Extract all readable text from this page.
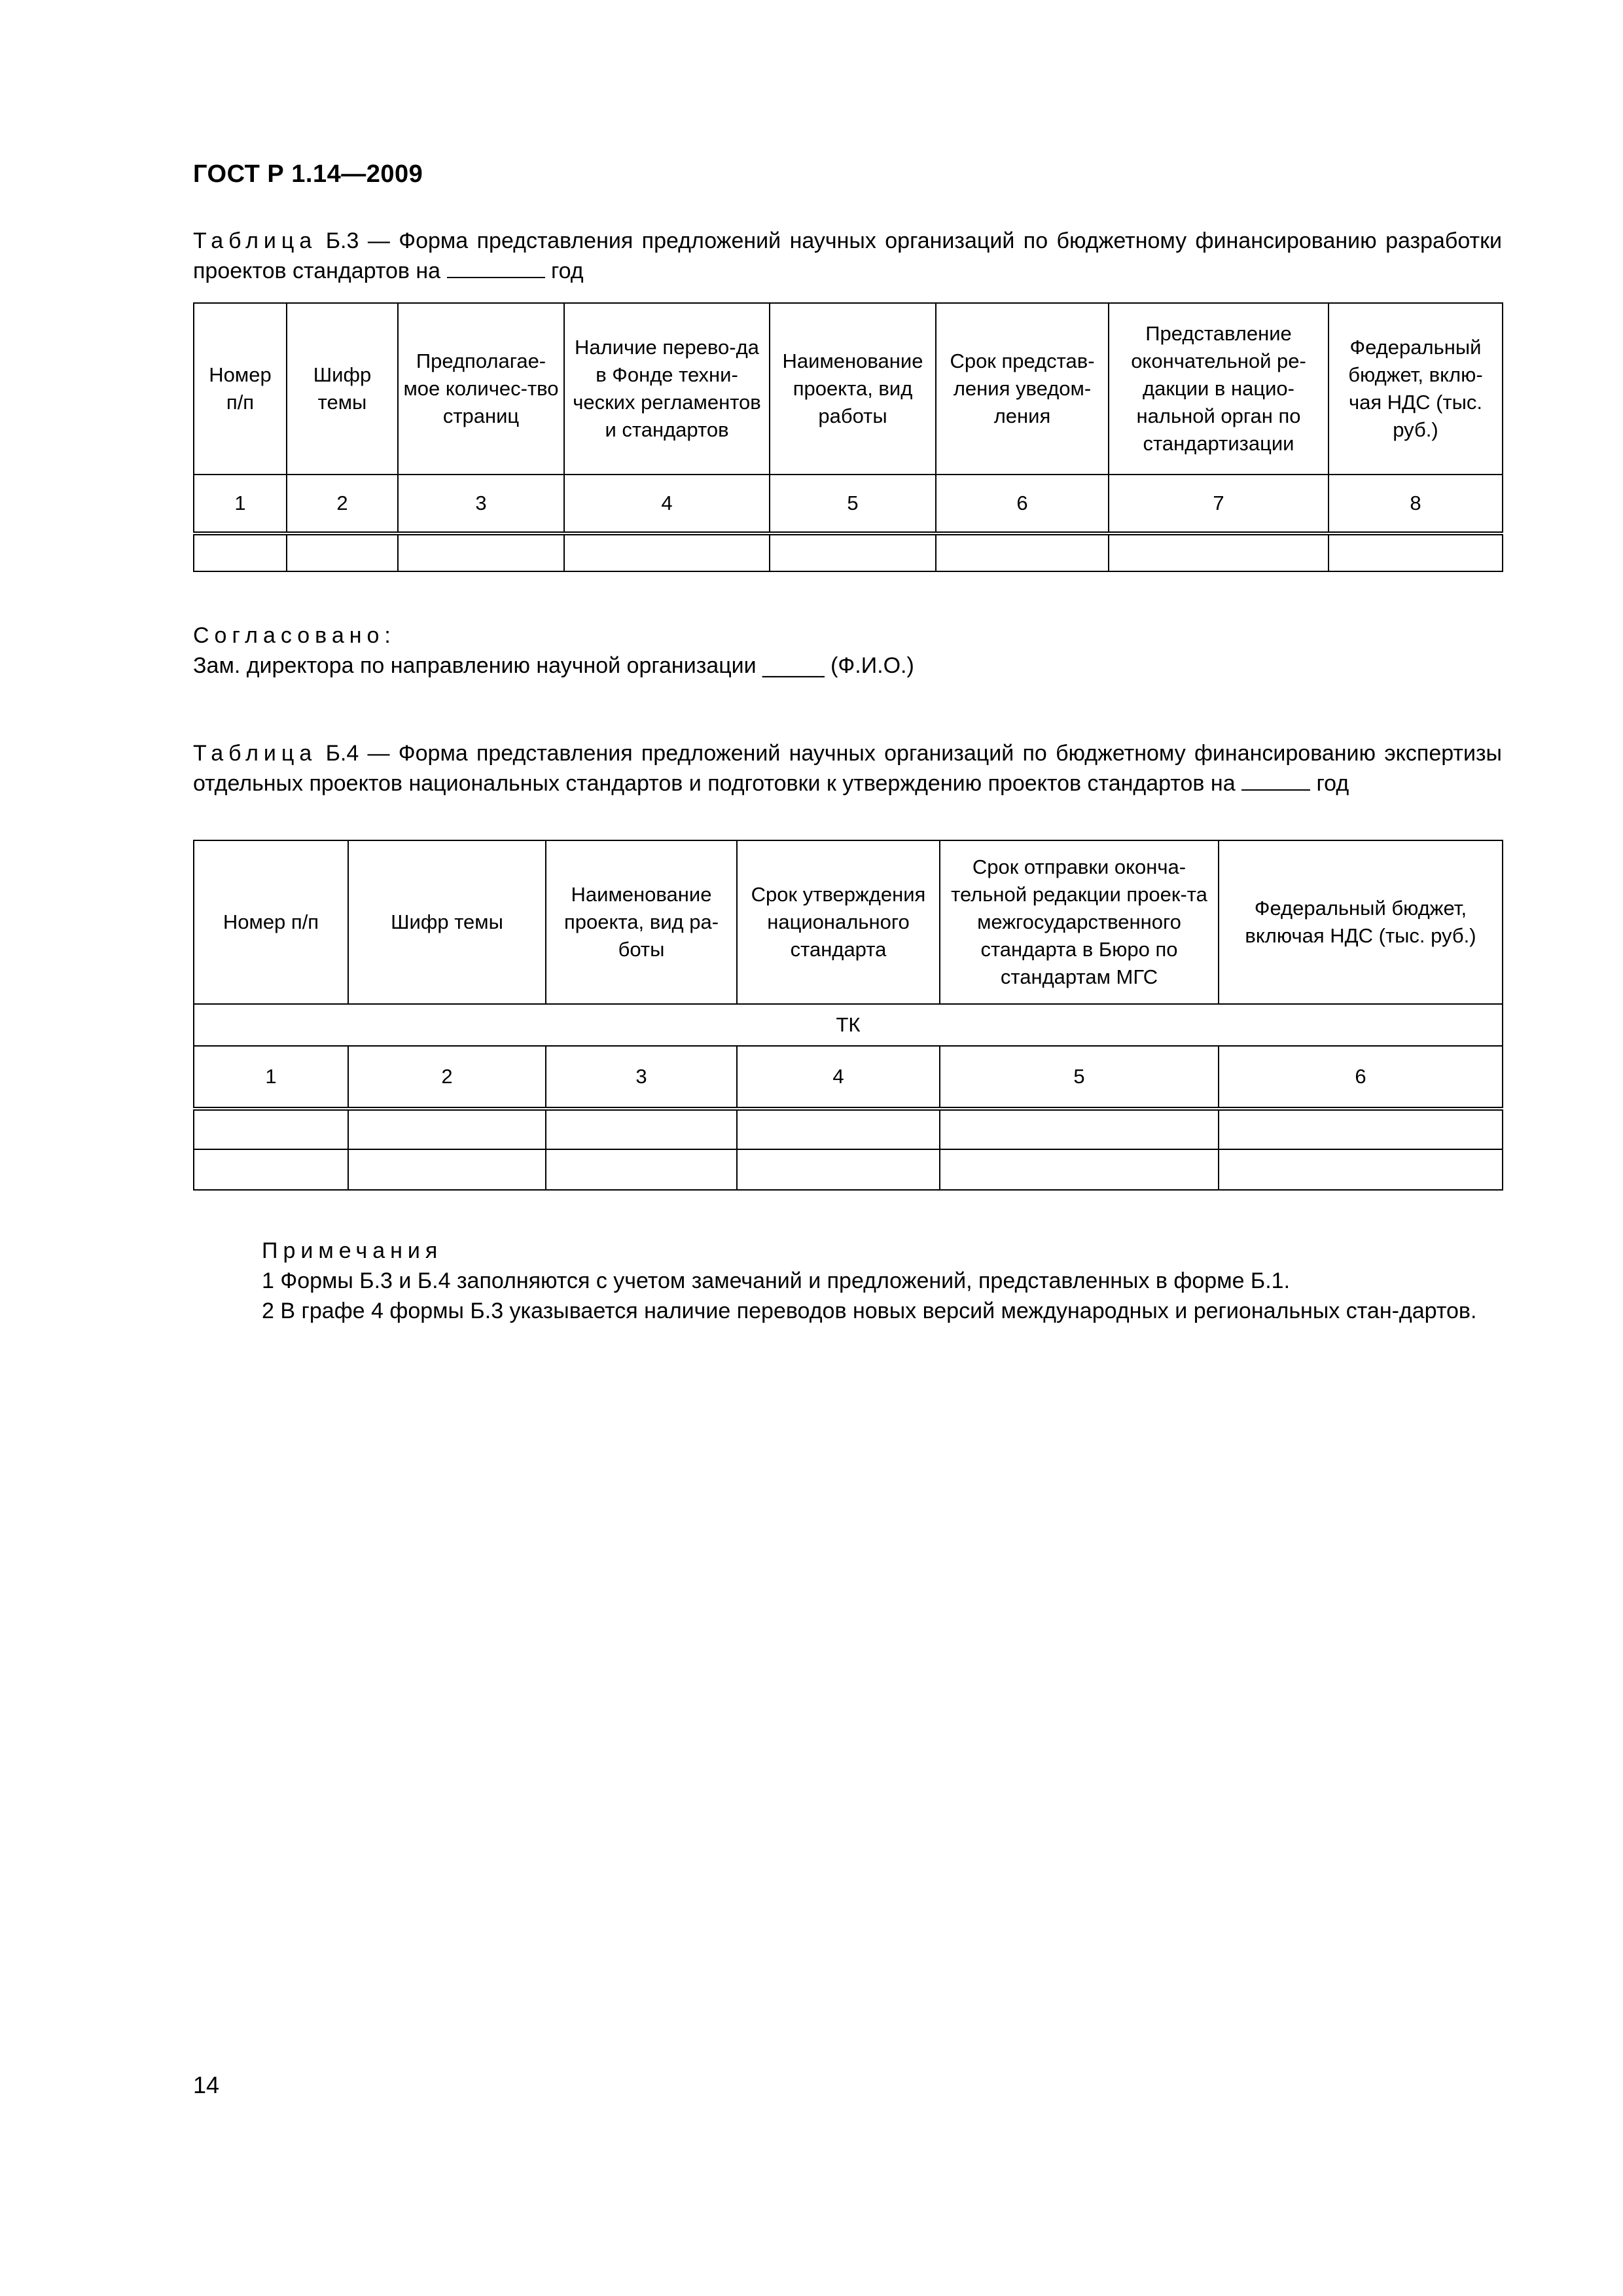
ГОСТ Р 1.14—2009
Таблица Б.3 — Форма представления предложений научных организаций по бюджетному финансированию разработки проектов стандартов на	год
Номер п/п	Шифр темы	Предполагае-мое количес-тво страниц	Наличие перево-да в Фонде техни-ческих регламентов и стандартов	Наименование проекта, вид работы	Срок представ-ления уведом-ления	Представление окончательной ре-дакции в нацио-нальной орган по стандартизации	Федеральный бюджет, вклю-чая НДС (тыс. руб.)
1	2	3	4	5	6	7	8

Согласовано:
Зам. директора по направлению научной организации _____ (Ф.И.О.)
Таблица Б.4 — Форма представления предложений научных организаций по бюджетному финансированию экспертизы отдельных проектов национальных стандартов и подготовки к утверждению проектов стандартов на	год
Номер п/п	Шифр темы	Наименование проекта, вид ра-боты	Срок утверждения национального стандарта	Срок отправки оконча-тельной редакции проек-та межгосударственного стандарта в Бюро по стандартам МГС	Федеральный бюджет, включая НДС (тыс. руб.)
ТК					
1	2	3	4	5	6

Примечания
1 Формы Б.3 и Б.4 заполняются с учетом замечаний и предложений, представленных в форме Б.1.
2 В графе 4 формы Б.3 указывается наличие переводов новых версий международных и региональных стан-дартов.
14
